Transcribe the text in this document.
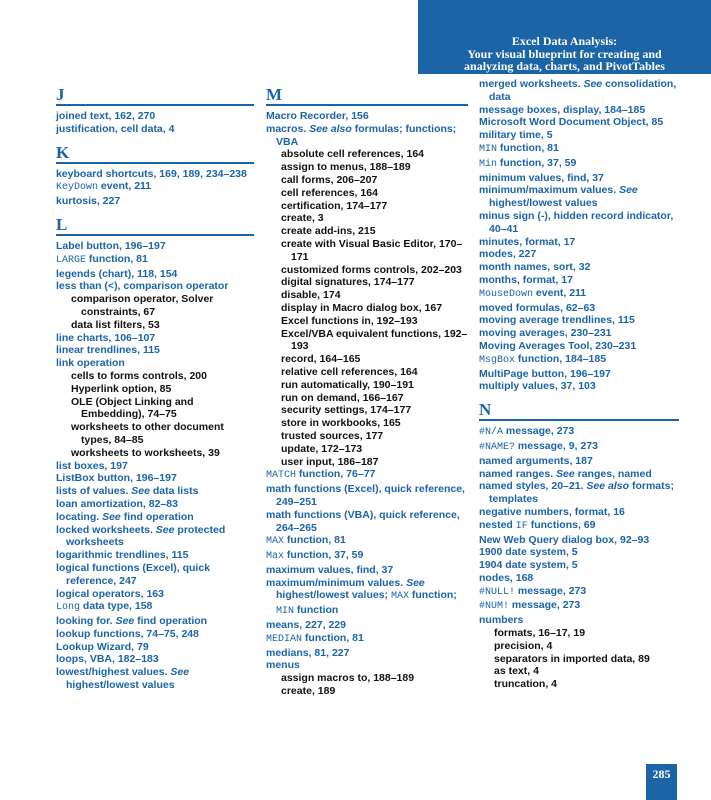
Excel Data Analysis:
Your visual blueprint for creating and
analyzing data, charts, and PivotTables
J
joined text, 162, 270
justification, cell data, 4
K
keyboard shortcuts, 169, 189, 234–238
KeyDown event, 211
kurtosis, 227
L
Label button, 196–197
LARGE function, 81
legends (chart), 118, 154
less than (<), comparison operator
comparison operator, Solver constraints, 67
data list filters, 53
line charts, 106–107
linear trendlines, 115
link operation
cells to forms controls, 200
Hyperlink option, 85
OLE (Object Linking and Embedding), 74–75
worksheets to other document types, 84–85
worksheets to worksheets, 39
list boxes, 197
ListBox button, 196–197
lists of values. See data lists
loan amortization, 82–83
locating. See find operation
locked worksheets. See protected worksheets
logarithmic trendlines, 115
logical functions (Excel), quick reference, 247
logical operators, 163
Long data type, 158
looking for. See find operation
lookup functions, 74–75, 248
Lookup Wizard, 79
loops, VBA, 182–183
lowest/highest values. See highest/lowest values
M
Macro Recorder, 156
macros. See also formulas; functions; VBA
absolute cell references, 164
assign to menus, 188–189
call forms, 206–207
cell references, 164
certification, 174–177
create, 3
create add-ins, 215
create with Visual Basic Editor, 170–171
customized forms controls, 202–203
digital signatures, 174–177
disable, 174
display in Macro dialog box, 167
Excel functions in, 192–193
Excel/VBA equivalent functions, 192–193
record, 164–165
relative cell references, 164
run automatically, 190–191
run on demand, 166–167
security settings, 174–177
store in workbooks, 165
trusted sources, 177
update, 172–173
user input, 186–187
MATCH function, 76–77
math functions (Excel), quick reference, 249–251
math functions (VBA), quick reference, 264–265
MAX function, 81
Max function, 37, 59
maximum values, find, 37
maximum/minimum values. See highest/lowest values; MAX function; MIN function
means, 227, 229
MEDIAN function, 81
medians, 81, 227
menus
assign macros to, 188–189
create, 189
merged worksheets. See consolidation, data
message boxes, display, 184–185
Microsoft Word Document Object, 85
military time, 5
MIN function, 81
Min function, 37, 59
minimum values, find, 37
minimum/maximum values. See highest/lowest values
minus sign (-), hidden record indicator, 40–41
minutes, format, 17
modes, 227
month names, sort, 32
months, format, 17
MouseDown event, 211
moved formulas, 62–63
moving average trendlines, 115
moving averages, 230–231
Moving Averages Tool, 230–231
MsgBox function, 184–185
MultiPage button, 196–197
multiply values, 37, 103
N
#N/A message, 273
#NAME? message, 9, 273
named arguments, 187
named ranges. See ranges, named
named styles, 20–21. See also formats; templates
negative numbers, format, 16
nested IF functions, 69
New Web Query dialog box, 92–93
1900 date system, 5
1904 date system, 5
nodes, 168
#NULL! message, 273
#NUM! message, 273
numbers
formats, 16–17, 19
precision, 4
separators in imported data, 89
as text, 4
truncation, 4
285
